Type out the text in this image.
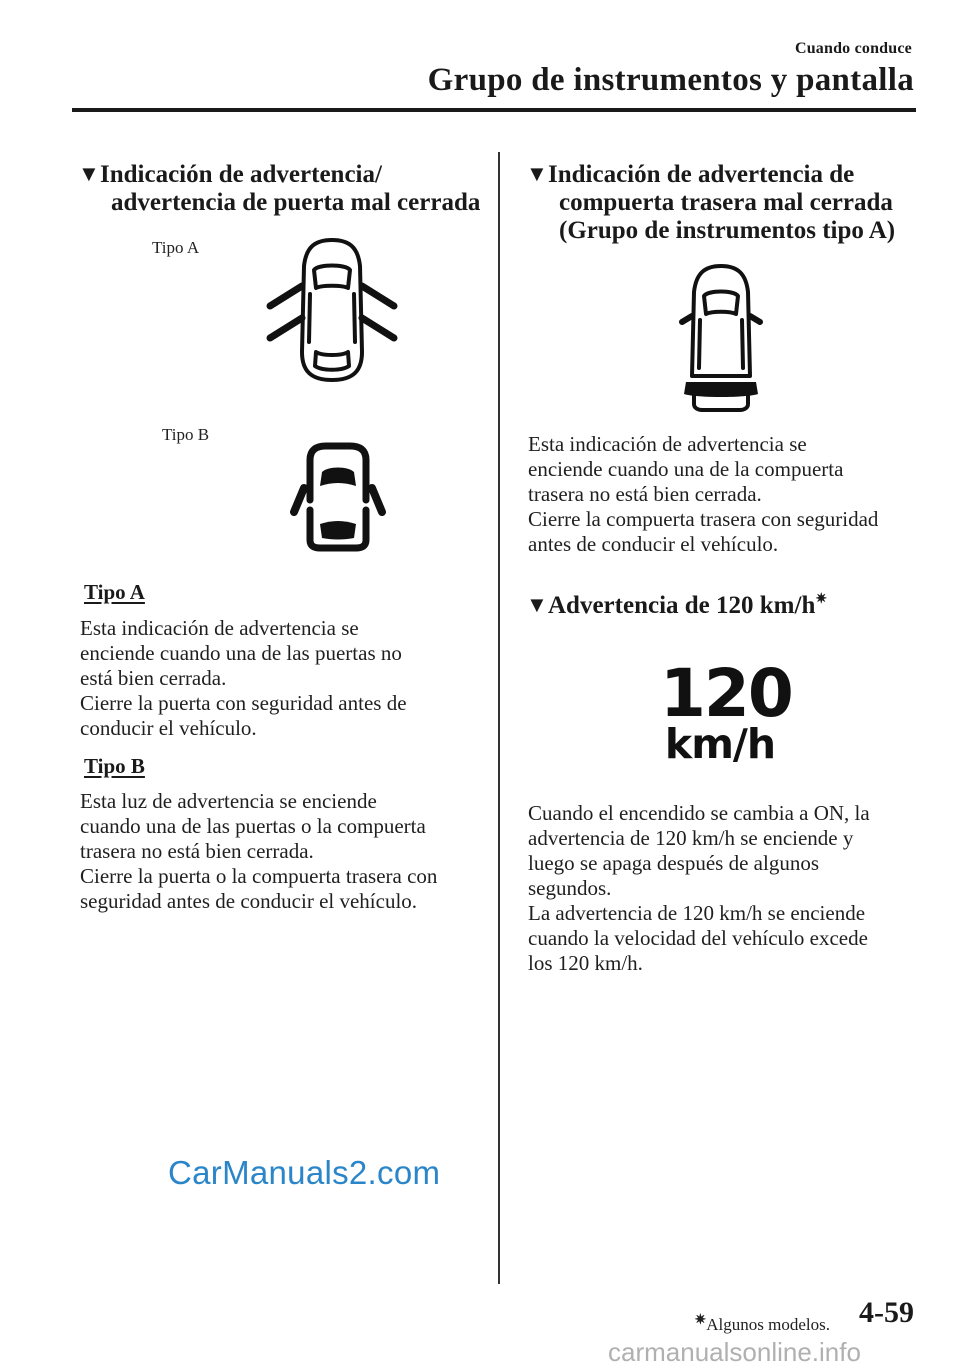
Cuando conduce
Grupo de instrumentos y pantalla
▼Indicación de advertencia/
advertencia de puerta mal cerrada
Tipo A
Tipo B
Tipo A
Esta indicación de advertencia se
enciende cuando una de las puertas no
está bien cerrada.
Cierre la puerta con seguridad antes de
conducir el vehículo.
Tipo B
Esta luz de advertencia se enciende
cuando una de las puertas o la compuerta
trasera no está bien cerrada.
Cierre la puerta o la compuerta trasera con
seguridad antes de conducir el vehículo.
▼Indicación de advertencia de
compuerta trasera mal cerrada
(Grupo de instrumentos tipo A)
Esta indicación de advertencia se
enciende cuando una de la compuerta
trasera no está bien cerrada.
Cierre la compuerta trasera con seguridad
antes de conducir el vehículo.
▼Advertencia de 120 km/h✷
120
km/h
Cuando el encendido se cambia a ON, la
advertencia de 120 km/h se enciende y
luego se apaga después de algunos
segundos.
La advertencia de 120 km/h se enciende
cuando la velocidad del vehículo excede
los 120 km/h.
CarManuals2.com
✷Algunos modelos. 4-59
carmanualsonline.info
